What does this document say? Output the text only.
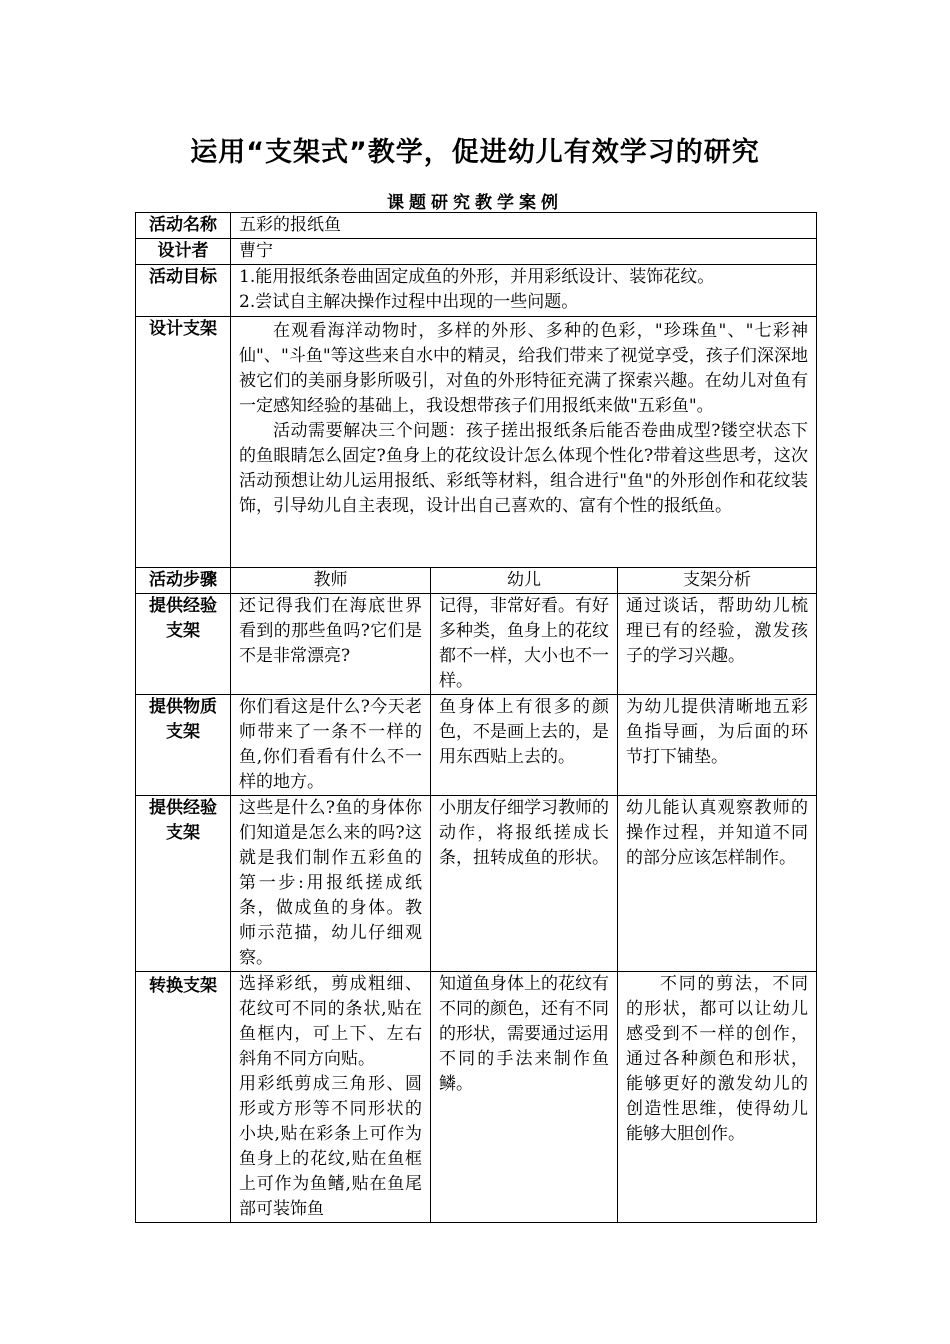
运用“支架式”教学，促进幼儿有效学习的研究
课题研究教学案例
活动名称	五彩的报纸鱼		
设计者	曹宁		
活动目标	1.能用报纸条卷曲固定成鱼的外形，并用彩纸设计、装饰花纹。
2.尝试自主解决操作过程中出现的一些问题。		

设计支架	在观看海洋动物时，多样的外形、多种的色彩，"珍珠鱼"、"七彩神仙"、"斗鱼"等这些来自水中的精灵，给我们带来了视觉享受，孩子们深深地被它们的美丽身影所吸引，对鱼的外形特征充满了探索兴趣。在幼儿对鱼有一定感知经验的基础上，我设想带孩子们用报纸来做"五彩鱼"。

活动需要解决三个问题：孩子搓出报纸条后能否卷曲成型?镂空状态下的鱼眼睛怎么固定?鱼身上的花纹设计怎么体现个性化?带着这些思考，这次活动预想让幼儿运用报纸、彩纸等材料，组合进行"鱼"的外形创作和花纹装饰，引导幼儿自主表现，设计出自己喜欢的、富有个性的报纸鱼。		

活动步骤	教师	幼儿	支架分析

提供经验
支架	还记得我们在海底世界看到的那些鱼吗?它们是不是非常漂亮?	记得，非常好看。有好多种类，鱼身上的花纹都不一样，大小也不一样。	通过谈话，帮助幼儿梳理已有的经验，激发孩子的学习兴趣。

提供物质
支架	你们看这是什么?今天老师带来了一条不一样的鱼,你们看看有什么不一样的地方。	鱼身体上有很多的颜色，不是画上去的，是用东西贴上去的。	为幼儿提供清晰地五彩鱼指导画，为后面的环节打下铺垫。

提供经验
支架	这些是什么?鱼的身体你们知道是怎么来的吗?这就是我们制作五彩鱼的第一步:用报纸搓成纸条，做成鱼的身体。教师示范描，幼儿仔细观察。	小朋友仔细学习教师的动作，将报纸搓成长条，扭转成鱼的形状。	幼儿能认真观察教师的操作过程，并知道不同的部分应该怎样制作。

转换支架	选择彩纸，剪成粗细、花纹可不同的条状,贴在鱼框内，可上下、左右斜角不同方向贴。
用彩纸剪成三角形、圆形或方形等不同形状的小块,贴在彩条上可作为鱼身上的花纹,贴在鱼框上可作为鱼鳍,贴在鱼尾部可装饰鱼	知道鱼身体上的花纹有不同的颜色，还有不同的形状，需要通过运用不同的手法来制作鱼鳞。	不同的剪法，不同的形状，都可以让幼儿感受到不一样的创作，通过各种颜色和形状，能够更好的激发幼儿的创造性思维，使得幼儿能够大胆创作。
